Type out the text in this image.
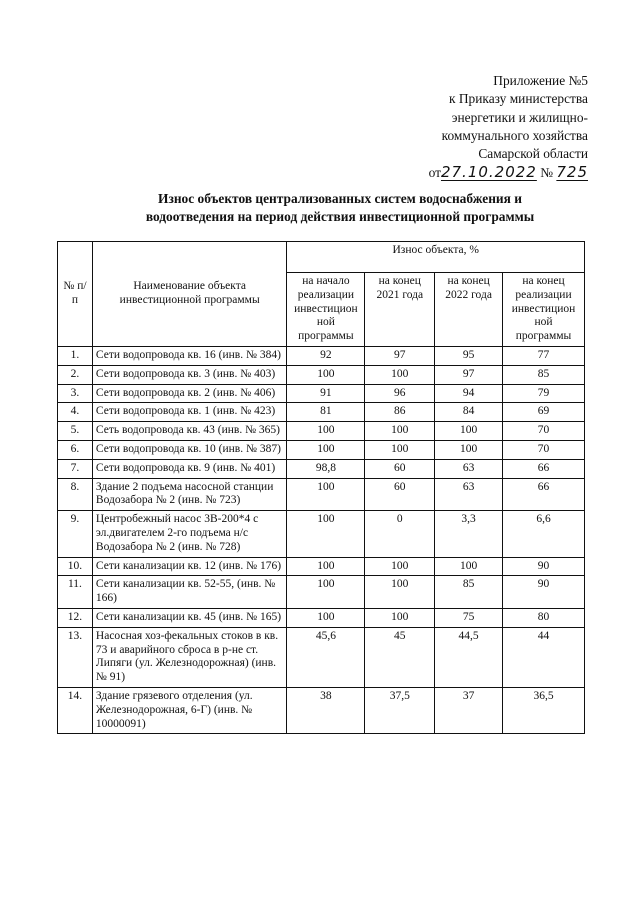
Приложение №5
к Приказу министерства
энергетики и жилищно-
коммунального хозяйства
Самарской области
от27.10.2022 № 725
Износ объектов централизованных систем водоснабжения и
водоотведения на период действия инвестиционной программы
№ п/п	Наименование объекта инвестиционной программы	Износ объекта, %			
		на начало реализации инвестицион ной программы	на конец 2021 года	на конец 2022 года	на конец реализации инвестицион ной программы
1.	Сети водопровода кв. 16 (инв. № 384)	92	97	95	77
2.	Сети водопровода кв. 3 (инв. № 403)	100	100	97	85
3.	Сети водопровода кв. 2 (инв. № 406)	91	96	94	79
4.	Сети водопровода кв. 1 (инв. № 423)	81	86	84	69
5.	Сеть водопровода кв. 43 (инв. № 365)	100	100	100	70
6.	Сети водопровода кв. 10 (инв. № 387)	100	100	100	70
7.	Сети водопровода кв. 9 (инв. № 401)	98,8	60	63	66
8.	Здание 2 подъема насосной станции Водозабора № 2 (инв. № 723)	100	60	63	66
9.	Центробежный насос 3В-200*4 с эл.двигателем 2-го подъема н/с Водозабора № 2 (инв. № 728)	100	0	3,3	6,6
10.	Сети канализации кв. 12 (инв. № 176)	100	100	100	90
11.	Сети канализации кв. 52-55, (инв. № 166)	100	100	85	90
12.	Сети канализации кв. 45 (инв. № 165)	100	100	75	80
13.	Насосная хоз-фекальных стоков в кв. 73 и аварийного сброса в р-не ст. Липяги (ул. Железнодорожная) (инв. № 91)	45,6	45	44,5	44
14.	Здание грязевого отделения (ул. Железнодорожная, 6-Г) (инв. № 10000091)	38	37,5	37	36,5
